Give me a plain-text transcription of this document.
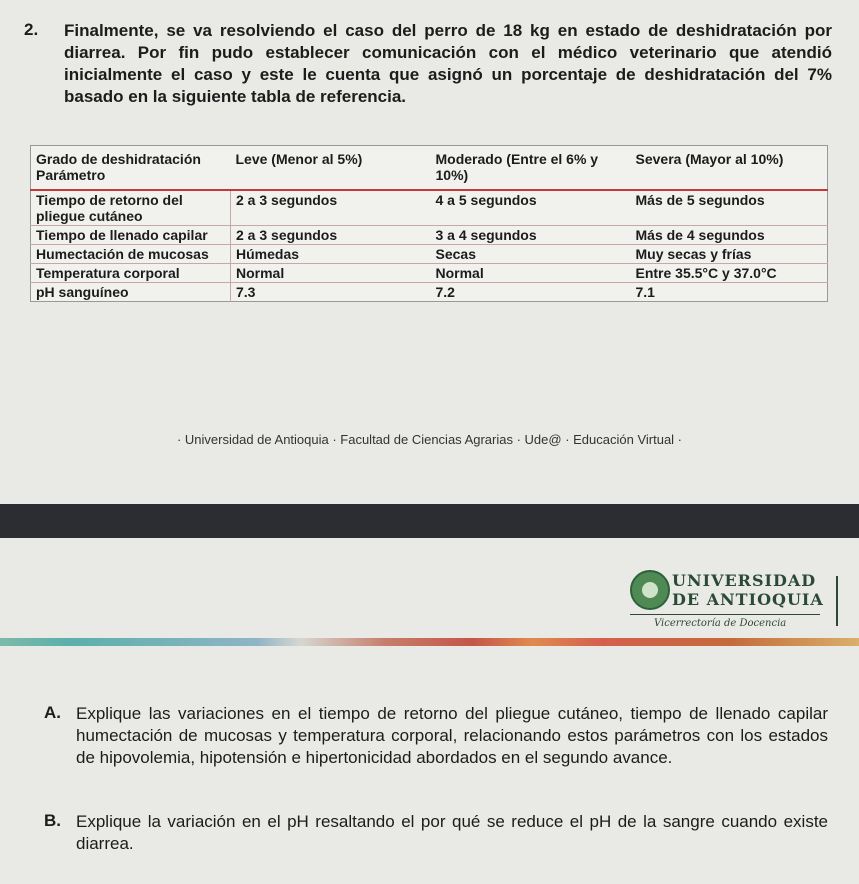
2. Finalmente, se va resolviendo el caso del perro de 18 kg en estado de deshidratación por diarrea. Por fin pudo establecer comunicación con el médico veterinario que atendió inicialmente el caso y este le cuenta que asignó un porcentaje de deshidratación del 7% basado en la siguiente tabla de referencia.
Grado de deshidratación Parámetro	Leve (Menor al 5%)	Moderado (Entre el 6% y 10%)	Severa (Mayor al 10%)
Tiempo de retorno del pliegue cutáneo	2 a 3 segundos	4 a 5 segundos	Más de 5 segundos
Tiempo de llenado capilar	2 a 3 segundos	3 a 4 segundos	Más de 4 segundos
Humectación de mucosas	Húmedas	Secas	Muy secas y frías
Temperatura corporal	Normal	Normal	Entre 35.5°C y 37.0°C
pH sanguíneo	7.3	7.2	7.1
· Universidad de Antioquia · Facultad de Ciencias Agrarias · Ude@ · Educación Virtual ·
UNIVERSIDAD
DE ANTIOQUIA
Vicerrectoría de Docencia
A. Explique las variaciones en el tiempo de retorno del pliegue cutáneo, tiempo de llenado capilar humectación de mucosas y temperatura corporal, relacionando estos parámetros con los estados de hipovolemia, hipotensión e hipertonicidad abordados en el segundo avance.
B. Explique la variación en el pH resaltando el por qué se reduce el pH de la sangre cuando existe diarrea.
